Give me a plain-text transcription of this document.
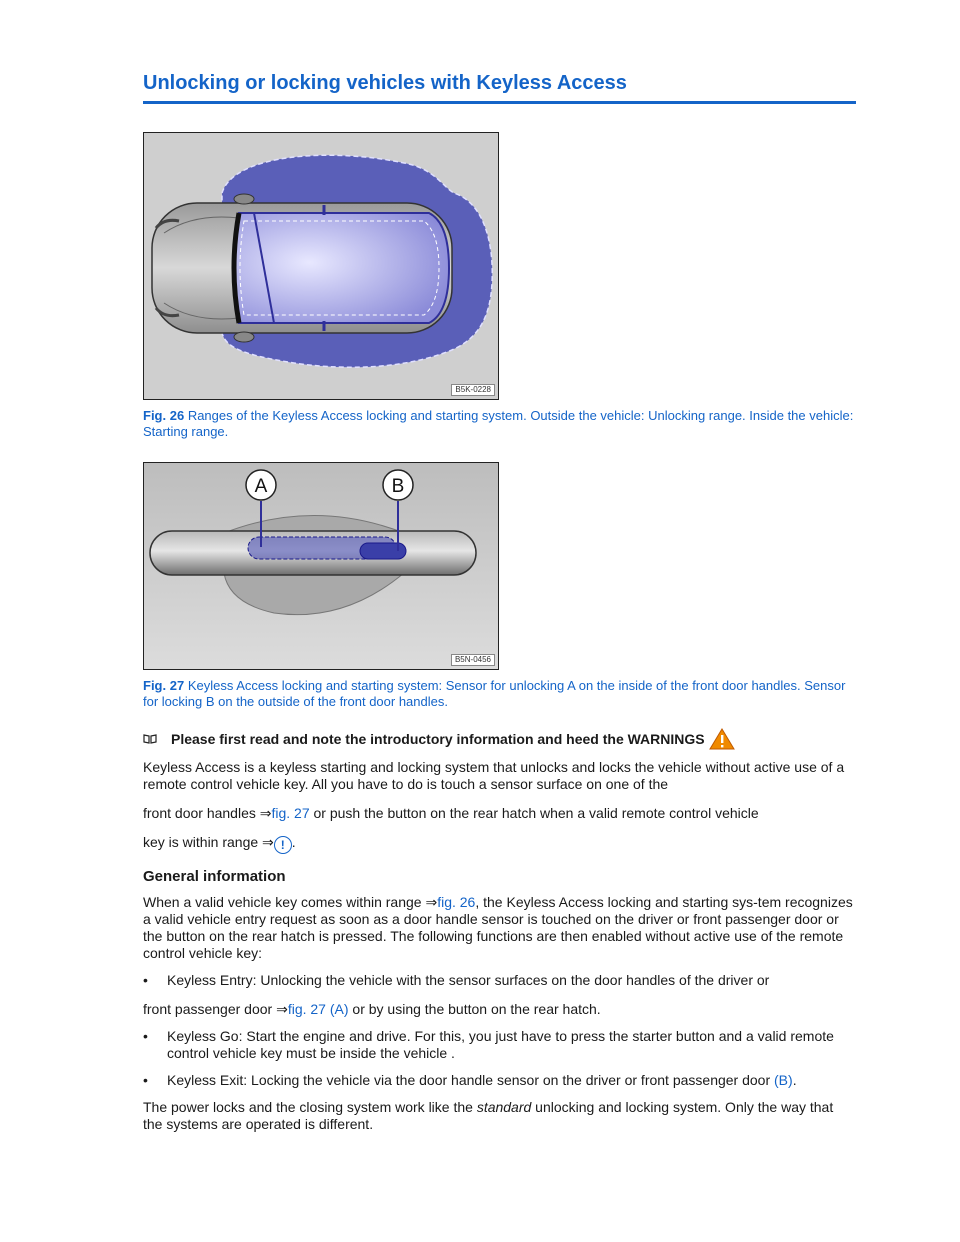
Unlocking or locking vehicles with Keyless Access
B5K-0228
Fig. 26 Ranges of the Keyless Access locking and starting system. Outside the vehicle: Unlocking range. Inside the vehicle: Starting range.
A	B
B5N-0456
Fig. 27 Keyless Access locking and starting system: Sensor for unlocking A on the inside of the front door handles. Sensor for locking B on the outside of the front door handles.
Please first read and note the introductory information and heed the WARNINGS
Keyless Access is a keyless starting and locking system that unlocks and locks the vehicle without active use of a remote control vehicle key. All you have to do is touch a sensor surface on one of the
front door handles ⇒fig. 27 or push the button on the rear hatch when a valid remote control vehicle
key is within range ⇒ ! .
General information
When a valid vehicle key comes within range ⇒fig. 26, the Keyless Access locking and starting sys-tem recognizes a valid vehicle entry request as soon as a door handle sensor is touched on the driver or front passenger door or the button on the rear hatch is pressed. The following functions are then enabled without active use of the remote control vehicle key:
•	Keyless Entry: Unlocking the vehicle with the sensor surfaces on the door handles of the driver or
front passenger door ⇒fig. 27 (A) or by using the button on the rear hatch.
•	Keyless Go: Start the engine and drive. For this, you just have to press the starter button and a valid remote control vehicle key must be inside the vehicle .
•	Keyless Exit: Locking the vehicle via the door handle sensor on the driver or front passenger door (B).
The power locks and the closing system work like the standard unlocking and locking system. Only the way that the systems are operated is different.
